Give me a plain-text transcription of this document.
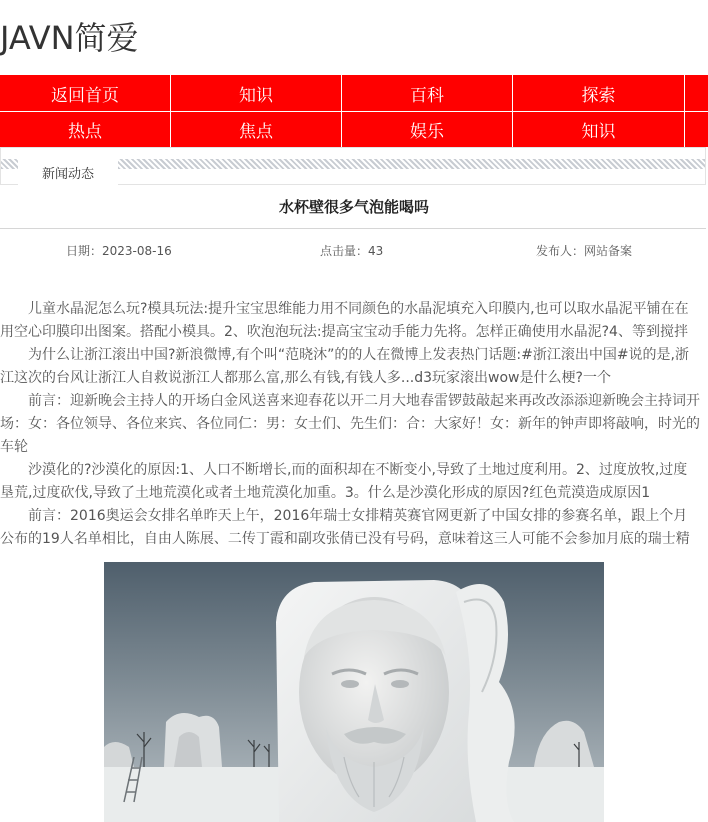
JAVN简爱
返回首页	知识	百科	探索
热点	焦点	娱乐	知识
新闻动态
水杯壁很多气泡能喝吗
日期：2023-08-16	点击量：43	发布人：网站备案

儿童水晶泥怎么玩?模具玩法:提升宝宝思维能力用不同颜色的水晶泥填充入印膜内,也可以取水晶泥平铺在在用空心印膜印出图案。搭配小模具。2、吹泡泡玩法:提高宝宝动手能力先将。怎样正确使用水晶泥?4、等到搅拌

为什么让浙江滚出中国?新浪微博,有个叫“范晓沐”的的人在微博上发表热门话题:#浙江滚出中国#说的是,浙江这次的台风让浙江人自救说浙江人都那么富,那么有钱,有钱人多...d3玩家滚出wow是什么梗?一个

前言：迎新晚会主持人的开场白金风送喜来迎春花以开二月大地春雷锣鼓敲起来再改改添添迎新晚会主持词开场：女：各位领导、各位来宾、各位同仁：男：女士们、先生们：合：大家好！女：新年的钟声即将敲响，时光的车轮

沙漠化的?沙漠化的原因:1、人口不断增长,而的面积却在不断变小,导致了土地过度利用。2、过度放牧,过度垦荒,过度砍伐,导致了土地荒漠化或者土地荒漠化加重。3。什么是沙漠化形成的原因?红色荒漠造成原因1

前言：2016奥运会女排名单昨天上午，2016年瑞士女排精英赛官网更新了中国女排的参赛名单，跟上个月公布的19人名单相比，自由人陈展、二传丁霞和副攻张倩已没有号码，意味着这三人可能不会参加月底的瑞士精
